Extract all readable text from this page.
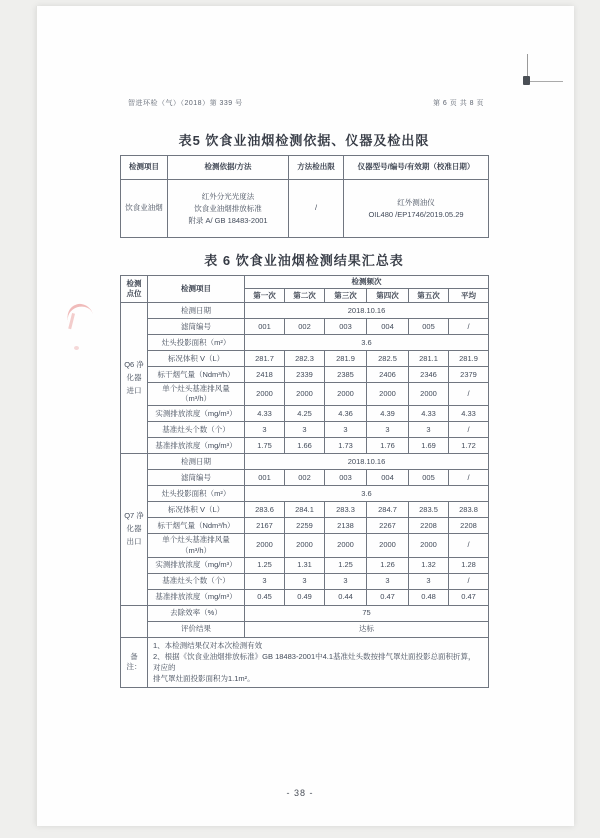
智进环检（气）（2018）第 339 号	第 6 页 共 8 页
表5 饮食业油烟检测依据、仪器及检出限
检测项目	检测依据/方法	方法检出限	仪器型号/编号/有效期（校准日期）
饮食业油烟	红外分光光度法
饮食业油烟排放标准
附录 A/ GB 18483-2001	/	红外测油仪
OIL480 /EP1746/2019.05.29
表 6 饮食业油烟检测结果汇总表
检测
点位	检测项目	检测频次					
		第一次	第二次	第三次	第四次	第五次	平均

Q6 净
化器
进口	检测日期	2018.10.16					
	滤筒编号	001	002	003	004	005	/
	灶头投影面积（m²）	3.6					
	标况体积 V（L）	281.7	282.3	281.9	282.5	281.1	281.9
	标干烟气量（Ndm³/h）	2418	2339	2385	2406	2346	2379
	单个灶头基准排风量（m³/h）	2000	2000	2000	2000	2000	/
	实测排放浓度（mg/m³）	4.33	4.25	4.36	4.39	4.33	4.33
	基准灶头个数（个）	3	3	3	3	3	/
	基准排放浓度（mg/m³）	1.75	1.66	1.73	1.76	1.69	1.72

Q7 净
化器
出口	检测日期	2018.10.16					
	滤筒编号	001	002	003	004	005	/
	灶头投影面积（m²）	3.6					
	标况体积 V（L）	283.6	284.1	283.3	284.7	283.5	283.8
	标干烟气量（Ndm³/h）	2167	2259	2138	2267	2208	2208
	单个灶头基准排风量（m³/h）	2000	2000	2000	2000	2000	/
	实测排放浓度（mg/m³）	1.25	1.31	1.25	1.26	1.32	1.28
	基准灶头个数（个）	3	3	3	3	3	/
	基准排放浓度（mg/m³）	0.45	0.49	0.44	0.47	0.48	0.47
	去除效率（%）	75					
	评价结果	达标					
备注：	1、本检测结果仅对本次检测有效
2、根据《饮食业油烟排放标准》GB 18483-2001中4.1基准灶头数按排气罩灶面投影总面积折算，对应的
排气罩灶面投影面积为1.1m²。						
- 38 -
